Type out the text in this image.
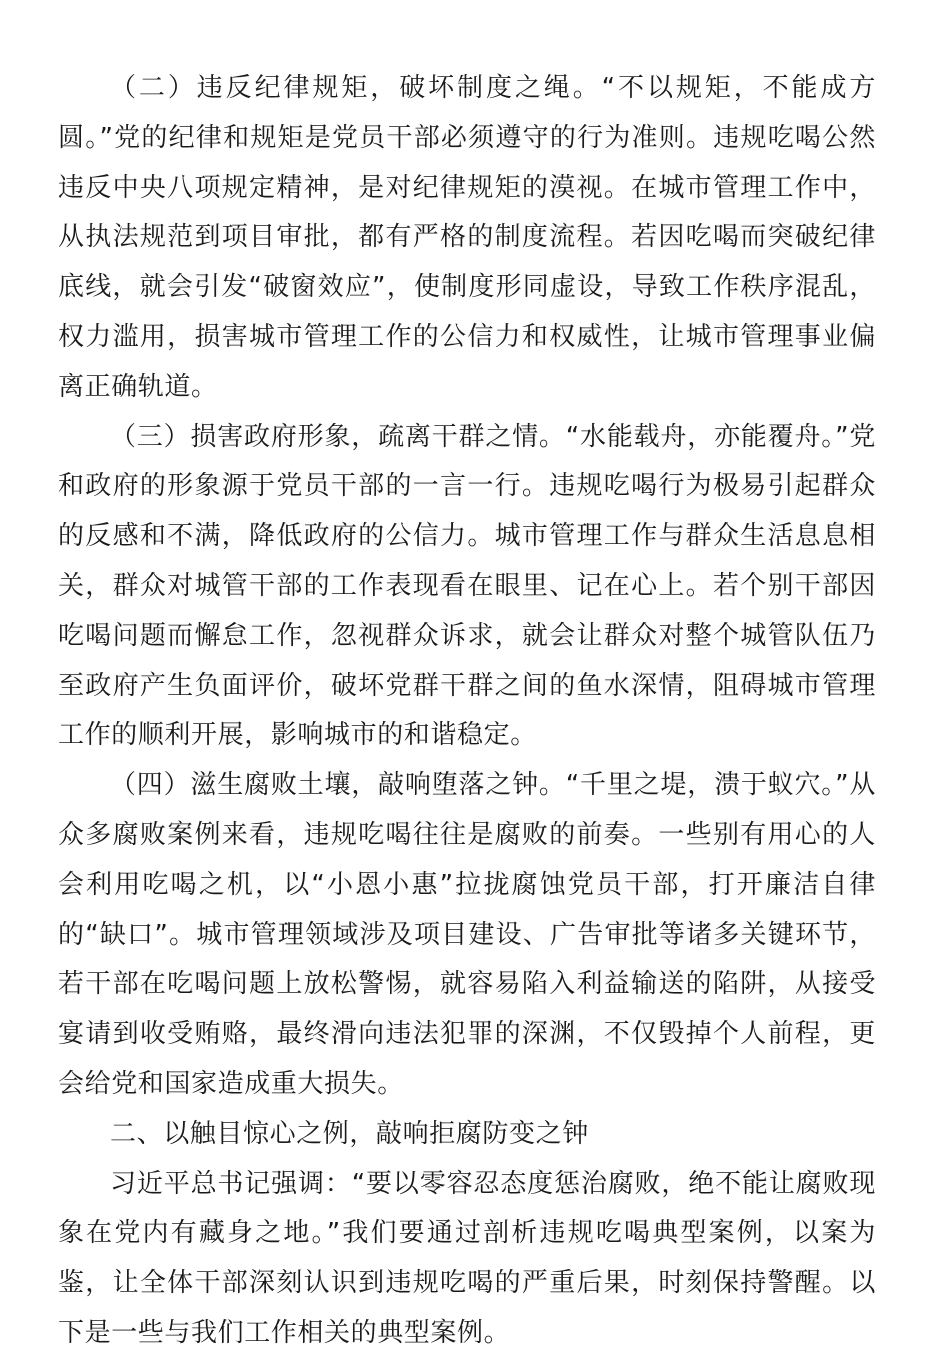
（二）违反纪律规矩，破坏制度之绳。“不以规矩，不能成方圆。”党的纪律和规矩是党员干部必须遵守的行为准则。违规吃喝公然违反中央八项规定精神，是对纪律规矩的漠视。在城市管理工作中，从执法规范到项目审批，都有严格的制度流程。若因吃喝而突破纪律底线，就会引发“破窗效应”，使制度形同虚设，导致工作秩序混乱，权力滥用，损害城市管理工作的公信力和权威性，让城市管理事业偏离正确轨道。

（三）损害政府形象，疏离干群之情。“水能载舟，亦能覆舟。”党和政府的形象源于党员干部的一言一行。违规吃喝行为极易引起群众的反感和不满，降低政府的公信力。城市管理工作与群众生活息息相关，群众对城管干部的工作表现看在眼里、记在心上。若个别干部因吃喝问题而懈怠工作，忽视群众诉求，就会让群众对整个城管队伍乃至政府产生负面评价，破坏党群干群之间的鱼水深情，阻碍城市管理工作的顺利开展，影响城市的和谐稳定。

（四）滋生腐败土壤，敲响堕落之钟。“千里之堤，溃于蚁穴。”从众多腐败案例来看，违规吃喝往往是腐败的前奏。一些别有用心的人会利用吃喝之机，以“小恩小惠”拉拢腐蚀党员干部，打开廉洁自律的“缺口”。城市管理领域涉及项目建设、广告审批等诸多关键环节，若干部在吃喝问题上放松警惕，就容易陷入利益输送的陷阱，从接受宴请到收受贿赂，最终滑向违法犯罪的深渊，不仅毁掉个人前程，更会给党和国家造成重大损失。

二、以触目惊心之例，敲响拒腐防变之钟

习近平总书记强调：“要以零容忍态度惩治腐败，绝不能让腐败现象在党内有藏身之地。”我们要通过剖析违规吃喝典型案例，以案为鉴，让全体干部深刻认识到违规吃喝的严重后果，时刻保持警醒。以下是一些与我们工作相关的典型案例。
